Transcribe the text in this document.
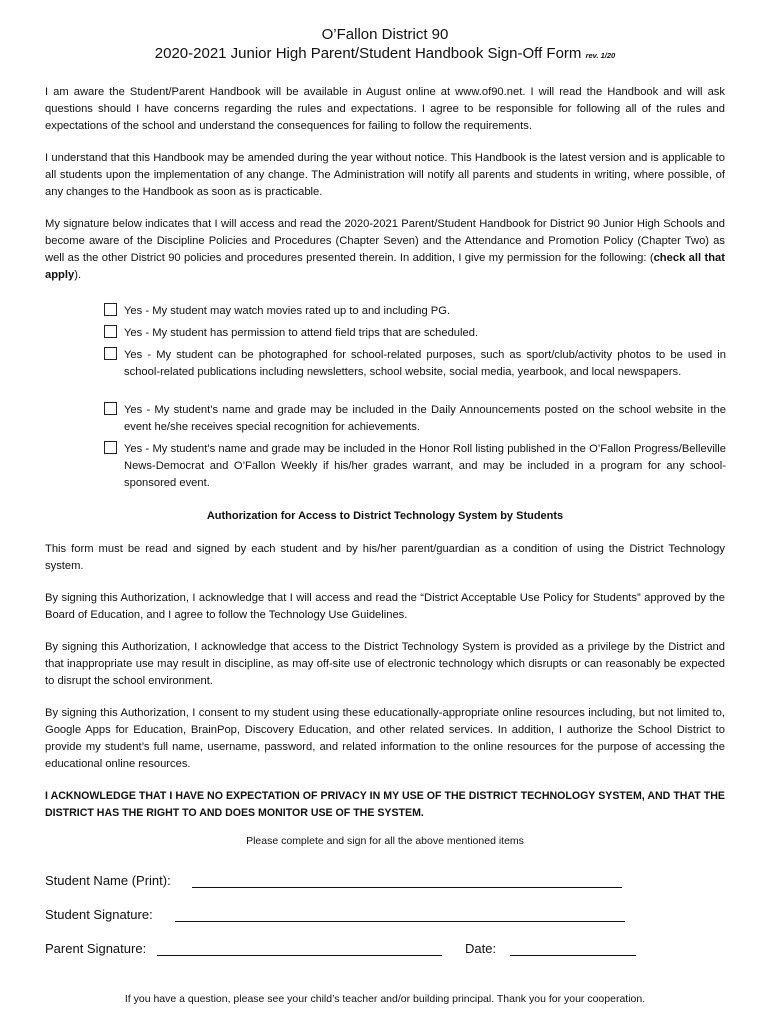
O’Fallon District 90

2020-2021 Junior High Parent/Student Handbook Sign-Off Form rev. 1/20

I am aware the Student/Parent Handbook will be available in August online at www.of90.net. I will read the Handbook and will ask questions should I have concerns regarding the rules and expectations. I agree to be responsible for following all of the rules and expectations of the school and understand the consequences for failing to follow the requirements.

I understand that this Handbook may be amended during the year without notice. This Handbook is the latest version and is applicable to all students upon the implementation of any change. The Administration will notify all parents and students in writing, where possible, of any changes to the Handbook as soon as is practicable.

My signature below indicates that I will access and read the 2020-2021 Parent/Student Handbook for District 90 Junior High Schools and become aware of the Discipline Policies and Procedures (Chapter Seven) and the Attendance and Promotion Policy (Chapter Two) as well as the other District 90 policies and procedures presented therein. In addition, I give my permission for the following: (check all that apply).

Yes - My student may watch movies rated up to and including PG.

Yes - My student has permission to attend field trips that are scheduled.

Yes - My student can be photographed for school-related purposes, such as sport/club/activity photos to be used in school-related publications including newsletters, school website, social media, yearbook, and local newspapers.

Yes - My student’s name and grade may be included in the Daily Announcements posted on the school website in the event he/she receives special recognition for achievements.

Yes - My student’s name and grade may be included in the Honor Roll listing published in the O’Fallon Progress/Belleville News-Democrat and O’Fallon Weekly if his/her grades warrant, and may be included in a program for any school-sponsored event.

Authorization for Access to District Technology System by Students

This form must be read and signed by each student and by his/her parent/guardian as a condition of using the District Technology system.

By signing this Authorization, I acknowledge that I will access and read the “District Acceptable Use Policy for Students” approved by the Board of Education, and I agree to follow the Technology Use Guidelines.

By signing this Authorization, I acknowledge that access to the District Technology System is provided as a privilege by the District and that inappropriate use may result in discipline, as may off-site use of electronic technology which disrupts or can reasonably be expected to disrupt the school environment.

By signing this Authorization, I consent to my student using these educationally-appropriate online resources including, but not limited to, Google Apps for Education, BrainPop, Discovery Education, and other related services. In addition, I authorize the School District to provide my student’s full name, username, password, and related information to the online resources for the purpose of accessing the educational online resources.

I ACKNOWLEDGE THAT I HAVE NO EXPECTATION OF PRIVACY IN MY USE OF THE DISTRICT TECHNOLOGY SYSTEM, AND THAT THE DISTRICT HAS THE RIGHT TO AND DOES MONITOR USE OF THE SYSTEM.

Please complete and sign for all the above mentioned items

Student Name (Print):

Student Signature:

Parent Signature:	Date:

If you have a question, please see your child’s teacher and/or building principal. Thank you for your cooperation.
